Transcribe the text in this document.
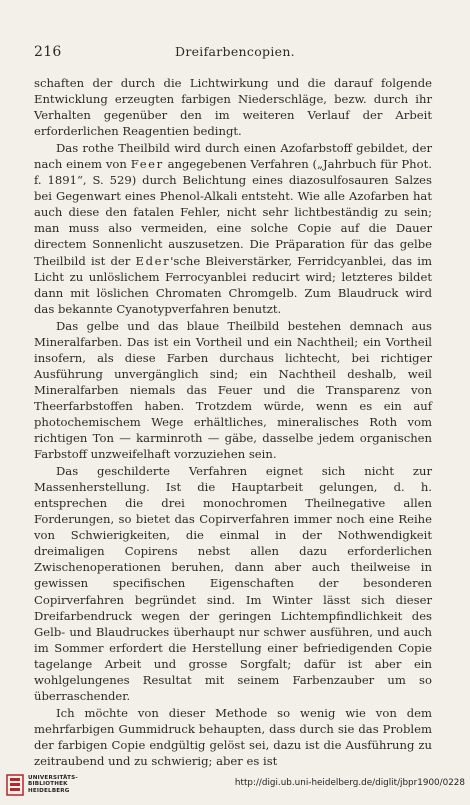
216	Dreifarbencopien.

schaften der durch die Lichtwirkung und die darauf folgende Entwicklung erzeugten farbigen Niederschläge, bezw. durch ihr Verhalten gegenüber den im weiteren Verlauf der Arbeit erforderlichen Reagentien bedingt.

Das rothe Theilbild wird durch einen Azofarbstoff gebildet, der nach einem von Feer angegebenen Verfahren („Jahrbuch für Phot. f. 1891“, S. 529) durch Belichtung eines diazosulfosauren Salzes bei Gegenwart eines Phenol-Alkali entsteht. Wie alle Azofarben hat auch diese den fatalen Fehler, nicht sehr lichtbeständig zu sein; man muss also vermeiden, eine solche Copie auf die Dauer directem Sonnenlicht auszusetzen. Die Präparation für das gelbe Theilbild ist der Eder'sche Bleiverstärker, Ferridcyanblei, das im Licht zu unlöslichem Ferrocyanblei reducirt wird; letzteres bildet dann mit löslichen Chromaten Chromgelb. Zum Blaudruck wird das bekannte Cyanotypverfahren benutzt.

Das gelbe und das blaue Theilbild bestehen demnach aus Mineralfarben. Das ist ein Vortheil und ein Nachtheil; ein Vortheil insofern, als diese Farben durchaus lichtecht, bei richtiger Ausführung unvergänglich sind; ein Nachtheil deshalb, weil Mineralfarben niemals das Feuer und die Transparenz von Theerfarbstoffen haben. Trotzdem würde, wenn es ein auf photochemischem Wege erhältliches, mineralisches Roth vom richtigen Ton — karminroth — gäbe, dasselbe jedem organischen Farbstoff unzweifelhaft vorzuziehen sein.

Das geschilderte Verfahren eignet sich nicht zur Massenherstellung. Ist die Hauptarbeit gelungen, d. h. entsprechen die drei monochromen Theilnegative allen Forderungen, so bietet das Copirverfahren immer noch eine Reihe von Schwierigkeiten, die einmal in der Nothwendigkeit dreimaligen Copirens nebst allen dazu erforderlichen Zwischenoperationen beruhen, dann aber auch theilweise in gewissen specifischen Eigenschaften der besonderen Copirverfahren begründet sind. Im Winter lässt sich dieser Dreifarbendruck wegen der geringen Lichtempfindlichkeit des Gelb- und Blaudruckes überhaupt nur schwer ausführen, und auch im Sommer erfordert die Herstellung einer befriedigenden Copie tagelange Arbeit und grosse Sorgfalt; dafür ist aber ein wohlgelungenes Resultat mit seinem Farbenzauber um so überraschender.

Ich möchte von dieser Methode so wenig wie von dem mehrfarbigen Gummidruck behaupten, dass durch sie das Problem der farbigen Copie endgültig gelöst sei, dazu ist die Ausführung zu zeitraubend und zu schwierig; aber es ist

UNIVERSITÄTS-
BIBLIOTHEK
HEIDELBERG
http://digi.ub.uni-heidelberg.de/diglit/jbpr1900/0228
